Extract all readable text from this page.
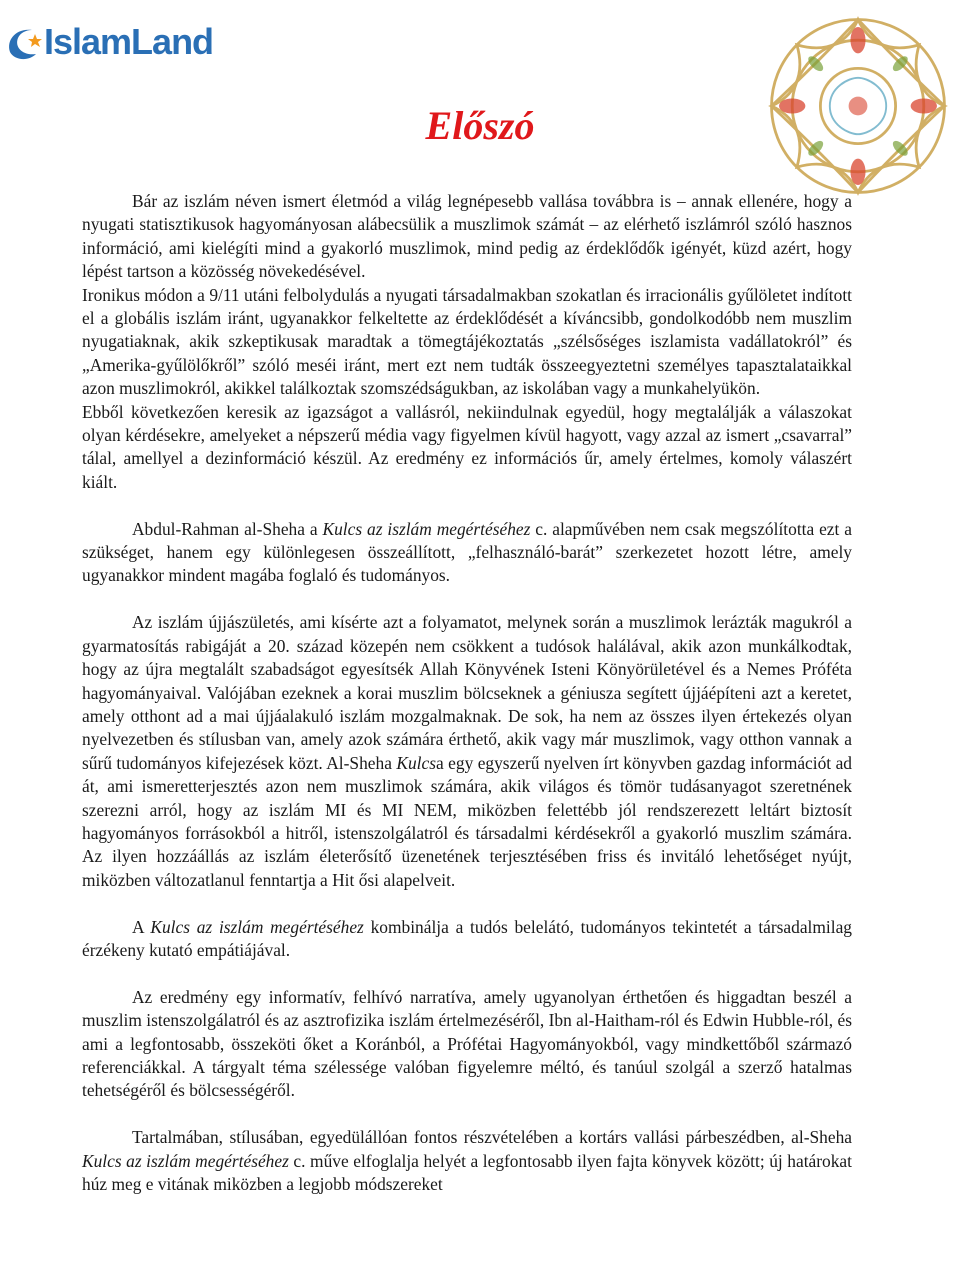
IslamLand
Előszó

Bár az iszlám néven ismert életmód a világ legnépesebb vallása továbbra is – annak ellenére, hogy a nyugati statisztikusok hagyományosan alábecsülik a muszlimok számát – az elérhető iszlámról szóló hasznos információ, ami kielégíti mind a gyakorló muszlimok, mind pedig az érdeklődők igényét, küzd azért, hogy lépést tartson a közösség növekedésével.

Ironikus módon a 9/11 utáni felbolydulás a nyugati társadalmakban szokatlan és irracionális gyűlöletet indított el a globális iszlám iránt, ugyanakkor felkeltette az érdeklődését a kíváncsibb, gondolkodóbb nem muszlim nyugatiaknak, akik szkeptikusak maradtak a tömegtájékoztatás „szélsőséges iszlamista vadállatokról” és „Amerika-gyűlölőkről” szóló meséi iránt, mert ezt nem tudták összeegyeztetni személyes tapasztalataikkal azon muszlimokról, akikkel találkoztak szomszédságukban, az iskolában vagy a munkahelyükön.

Ebből következően keresik az igazságot a vallásról, nekiindulnak egyedül, hogy megtalálják a válaszokat olyan kérdésekre, amelyeket a népszerű média vagy figyelmen kívül hagyott, vagy azzal az ismert „csavarral” tálal, amellyel a dezinformáció készül. Az eredmény ez információs űr, amely értelmes, komoly válaszért kiált.

Abdul-Rahman al-Sheha a Kulcs az iszlám megértéséhez c. alapművében nem csak megszólította ezt a szükséget, hanem egy különlegesen összeállított, „felhasználó-barát” szerkezetet hozott létre, amely ugyanakkor mindent magába foglaló és tudományos.

Az iszlám újjászületés, ami kísérte azt a folyamatot, melynek során a muszlimok lerázták magukról a gyarmatosítás rabigáját a 20. század közepén nem csökkent a tudósok halálával, akik azon munkálkodtak, hogy az újra megtalált szabadságot egyesítsék Allah Könyvének Isteni Könyörületével és a Nemes Próféta hagyományaival. Valójában ezeknek a korai muszlim bölcseknek a géniusza segített újjáépíteni azt a keretet, amely otthont ad a mai újjáalakuló iszlám mozgalmaknak. De sok, ha nem az összes ilyen értekezés olyan nyelvezetben és stílusban van, amely azok számára érthető, akik vagy már muszlimok, vagy otthon vannak a sűrű tudományos kifejezések közt. Al-Sheha Kulcsa egy egyszerű nyelven írt könyvben gazdag információt ad át, ami ismeretterjesztés azon nem muszlimok számára, akik világos és tömör tudásanyagot szeretnének szerezni arról, hogy az iszlám MI és MI NEM, miközben felettébb jól rendszerezett leltárt biztosít hagyományos forrásokból a hitről, istenszolgálatról és társadalmi kérdésekről a gyakorló muszlim számára. Az ilyen hozzáállás az iszlám életerősítő üzenetének terjesztésében friss és invitáló lehetőséget nyújt, miközben változatlanul fenntartja a Hit ősi alapelveit.

A Kulcs az iszlám megértéséhez kombinálja a tudós belelátó, tudományos tekintetét a társadalmilag érzékeny kutató empátiájával.

Az eredmény egy informatív, felhívó narratíva, amely ugyanolyan érthetően és higgadtan beszél a muszlim istenszolgálatról és az asztrofizika iszlám értelmezéséről, Ibn al-Haitham-ról és Edwin Hubble-ról, és ami a legfontosabb, összeköti őket a Koránból, a Prófétai Hagyományokból, vagy mindkettőből származó referenciákkal. A tárgyalt téma szélessége valóban figyelemre méltó, és tanúul szolgál a szerző hatalmas tehetségéről és bölcsességéről.

Tartalmában, stílusában, egyedülállóan fontos részvételében a kortárs vallási párbeszédben, al-Sheha Kulcs az iszlám megértéséhez c. műve elfoglalja helyét a legfontosabb ilyen fajta könyvek között; új határokat húz meg e vitának miközben a legjobb módszereket
